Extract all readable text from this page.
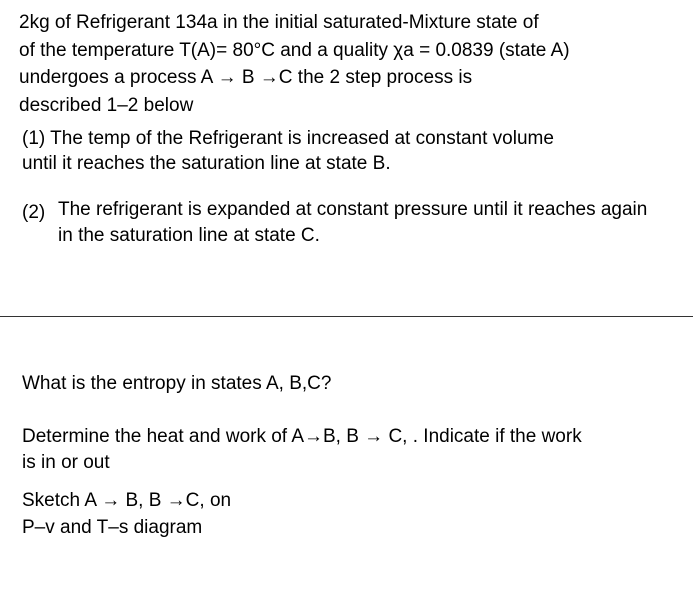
2kg of Refrigerant 134a in the initial saturated-Mixture state of
of the temperature T(A)= 80°C and a quality χa = 0.0839 (state A)
undergoes a process A → B →C the 2 step process is
described 1–2 below
(1) The temp of the Refrigerant is increased at constant volume
until it reaches the saturation line at state B.
(2) The refrigerant is expanded at constant pressure until it reaches again
in the saturation line at state C.
What is the entropy in states A, B,C?
Determine the heat and work of A→B, B → C, . Indicate if the work
is in or out
Sketch A → B, B →C, on
P–v and T–s diagram
